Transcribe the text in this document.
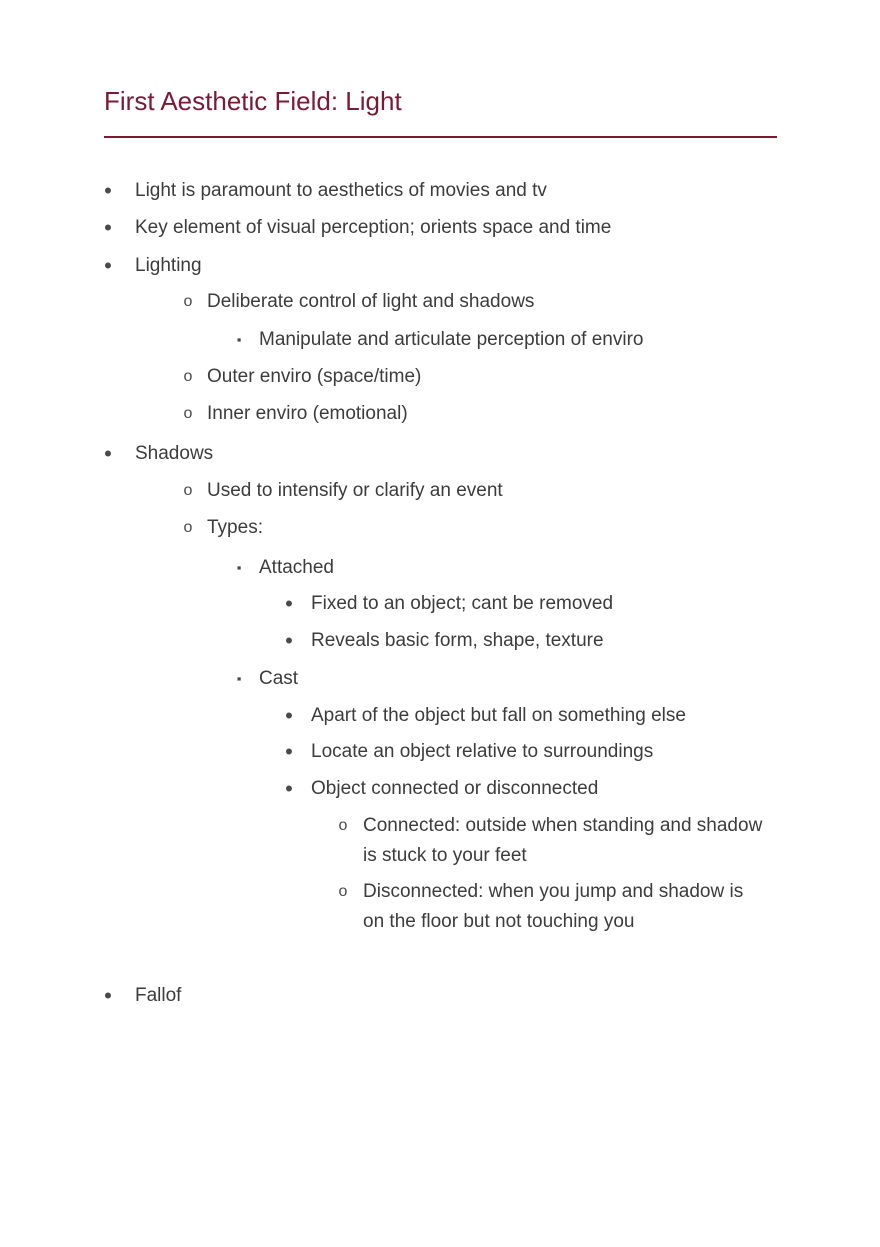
First Aesthetic Field: Light
• Light is paramount to aesthetics of movies and tv
• Key element of visual perception; orients space and time
• Lighting
o Deliberate control of light and shadows
▪ Manipulate and articulate perception of enviro
o Outer enviro (space/time)
o Inner enviro (emotional)
• Shadows
o Used to intensify or clarify an event
o Types:
▪ Attached
• Fixed to an object; cant be removed
• Reveals basic form, shape, texture
▪ Cast
• Apart of the object but fall on something else
• Locate an object relative to surroundings
• Object connected or disconnected
o Connected: outside when standing and shadow is stuck to your feet
o Disconnected: when you jump and shadow is on the floor but not touching you
• Fallof
